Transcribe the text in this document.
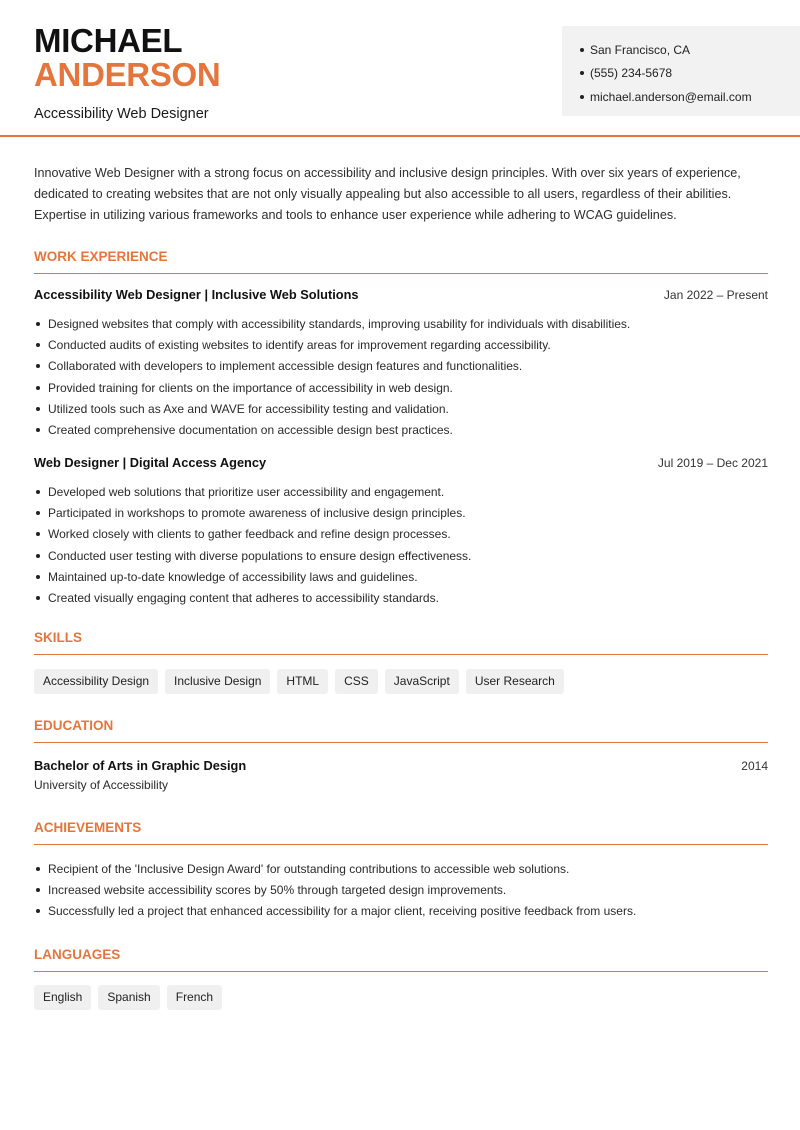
MICHAEL
ANDERSON
Accessibility Web Designer
San Francisco, CA
(555) 234-5678
michael.anderson@email.com
Innovative Web Designer with a strong focus on accessibility and inclusive design principles. With over six years of experience, dedicated to creating websites that are not only visually appealing but also accessible to all users, regardless of their abilities. Expertise in utilizing various frameworks and tools to enhance user experience while adhering to WCAG guidelines.
WORK EXPERIENCE
Accessibility Web Designer | Inclusive Web Solutions	Jan 2022 – Present
Designed websites that comply with accessibility standards, improving usability for individuals with disabilities.
Conducted audits of existing websites to identify areas for improvement regarding accessibility.
Collaborated with developers to implement accessible design features and functionalities.
Provided training for clients on the importance of accessibility in web design.
Utilized tools such as Axe and WAVE for accessibility testing and validation.
Created comprehensive documentation on accessible design best practices.
Web Designer | Digital Access Agency	Jul 2019 – Dec 2021
Developed web solutions that prioritize user accessibility and engagement.
Participated in workshops to promote awareness of inclusive design principles.
Worked closely with clients to gather feedback and refine design processes.
Conducted user testing with diverse populations to ensure design effectiveness.
Maintained up-to-date knowledge of accessibility laws and guidelines.
Created visually engaging content that adheres to accessibility standards.
SKILLS
Accessibility Design	Inclusive Design	HTML	CSS	JavaScript	User Research
EDUCATION
Bachelor of Arts in Graphic Design	2014
University of Accessibility
ACHIEVEMENTS
Recipient of the 'Inclusive Design Award' for outstanding contributions to accessible web solutions.
Increased website accessibility scores by 50% through targeted design improvements.
Successfully led a project that enhanced accessibility for a major client, receiving positive feedback from users.
LANGUAGES
English	Spanish	French
